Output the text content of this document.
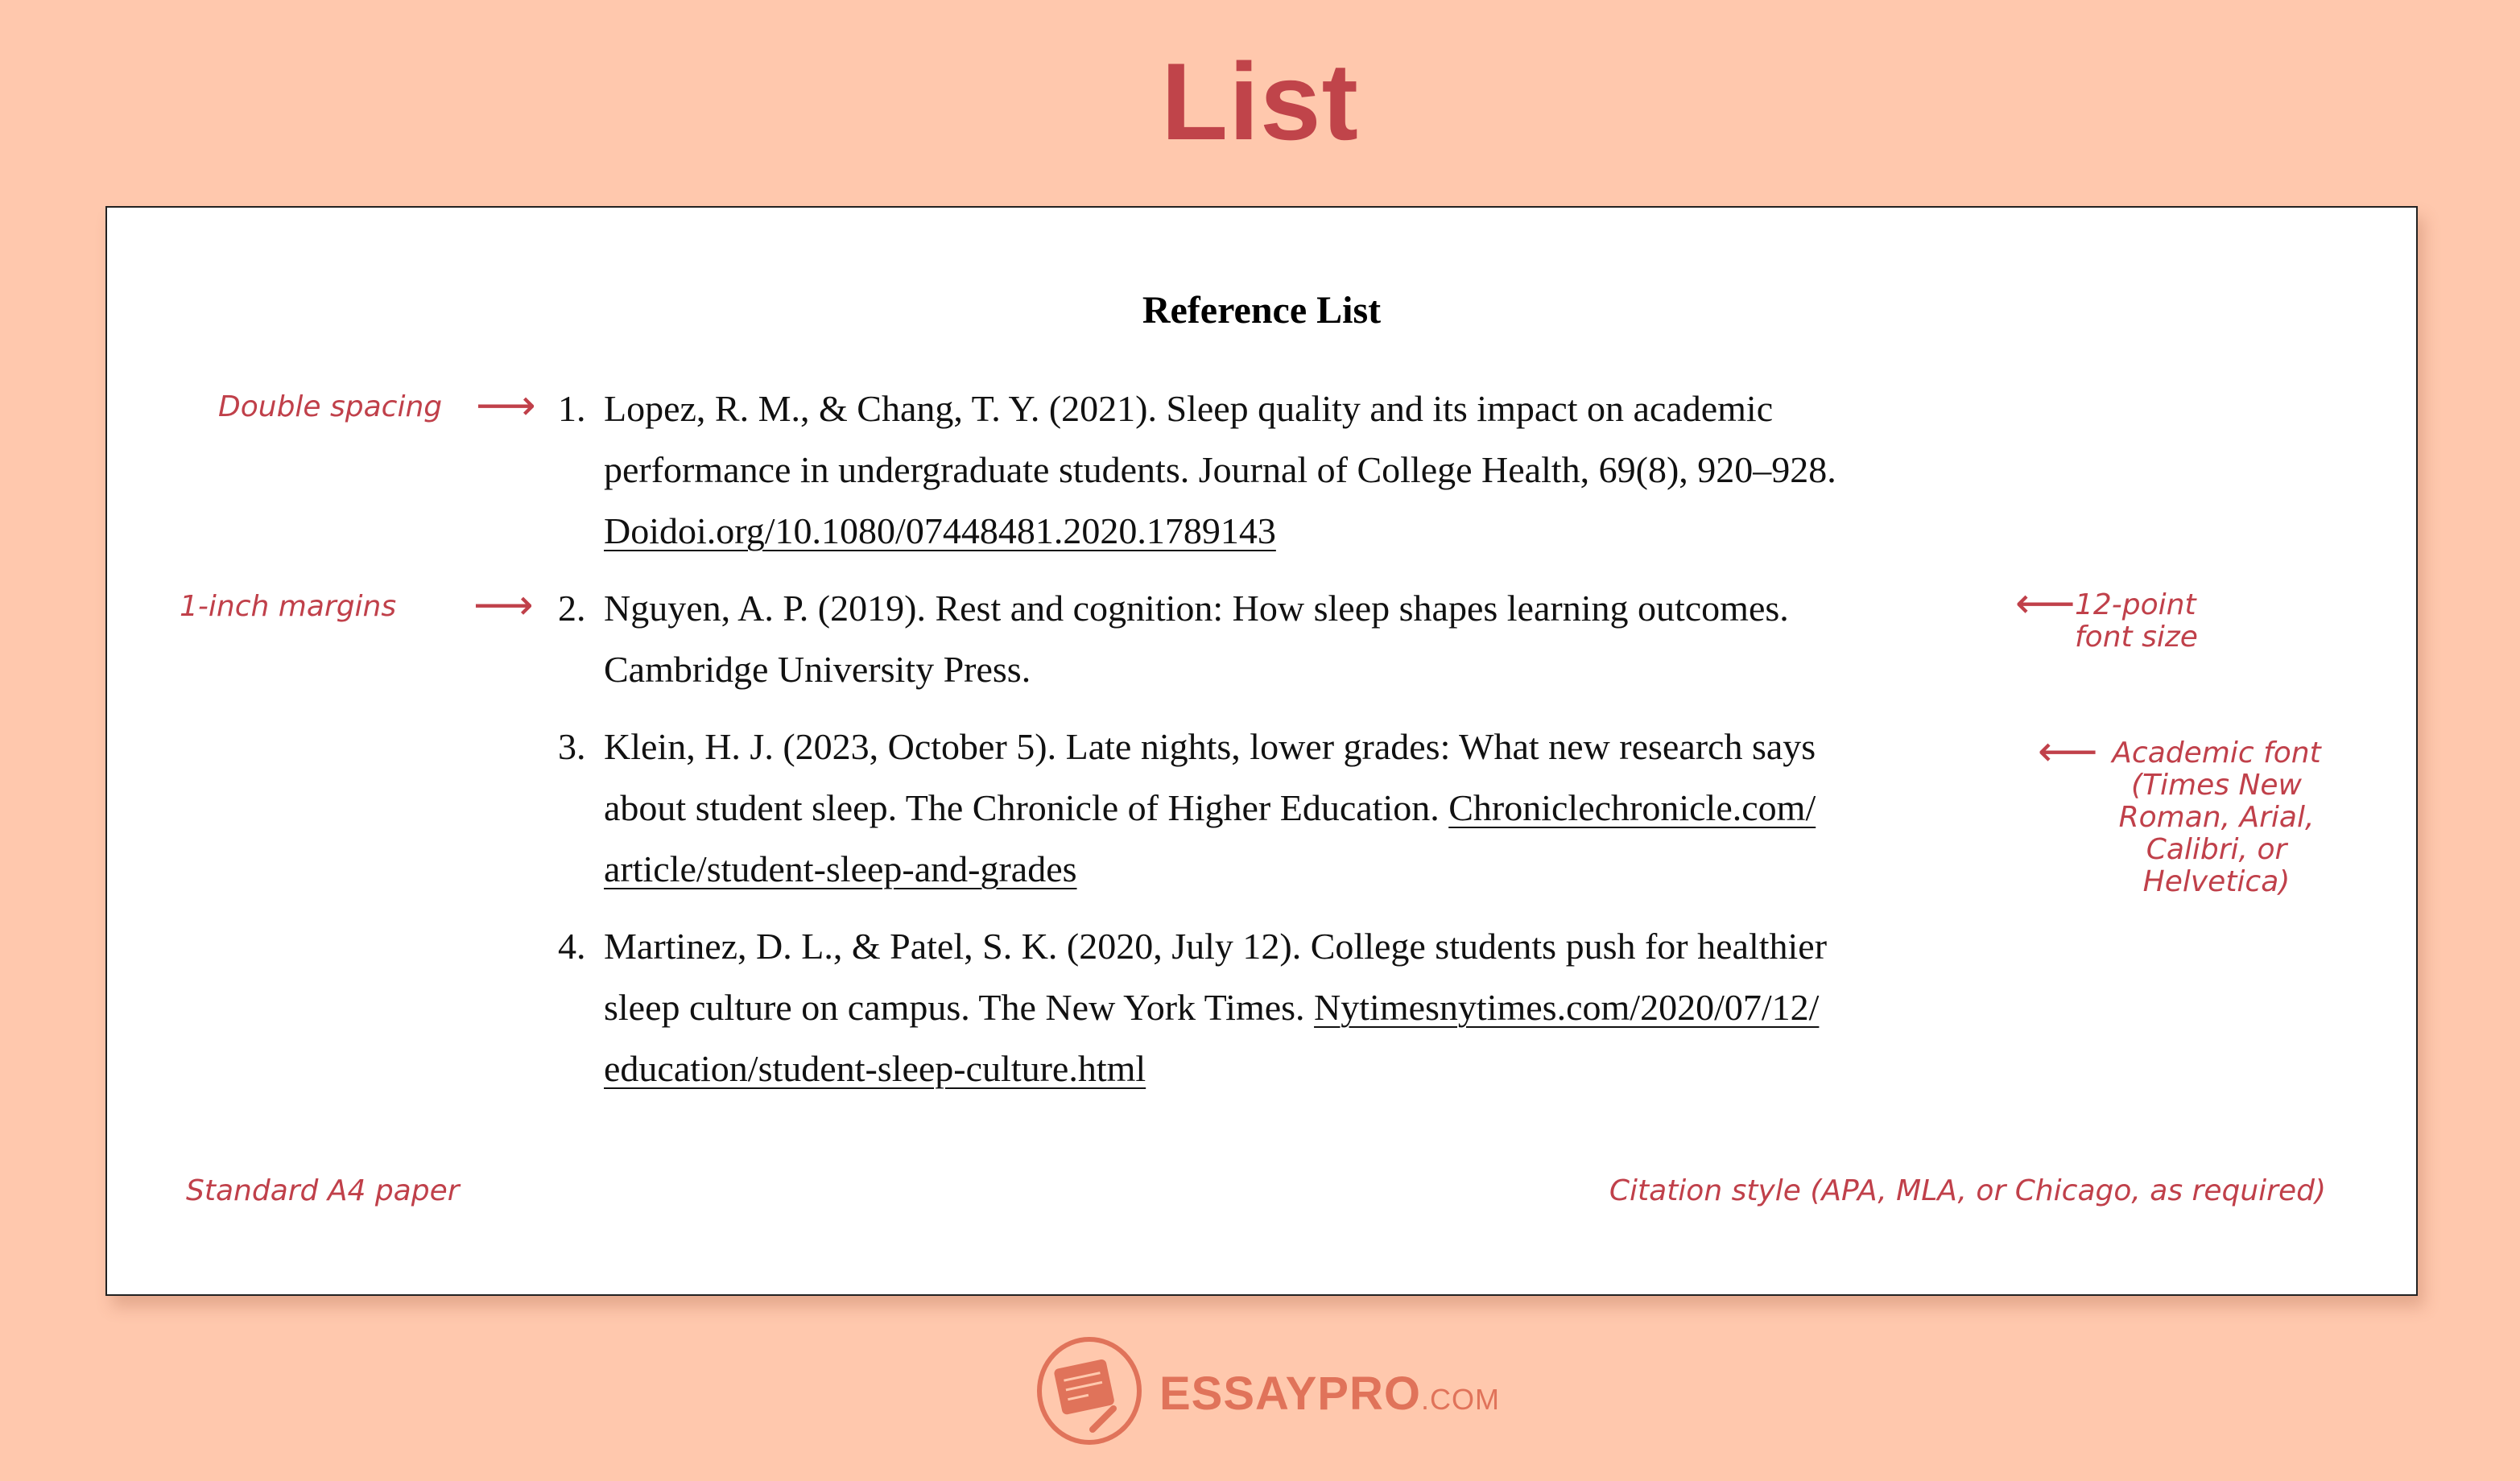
List
Reference List
1. Lopez, R. M., & Chang, T. Y. (2021). Sleep quality and its impact on academic
performance in undergraduate students. Journal of College Health, 69(8), 920–928.
Doidoi.org/10.1080/07448481.2020.1789143
2. Nguyen, A. P. (2019). Rest and cognition: How sleep shapes learning outcomes.
Cambridge University Press.
3. Klein, H. J. (2023, October 5). Late nights, lower grades: What new research says
about student sleep. The Chronicle of Higher Education. Chroniclechronicle.com/
article/student-sleep-and-grades
4. Martinez, D. L., & Patel, S. K. (2020, July 12). College students push for healthier
sleep culture on campus. The New York Times. Nytimesnytimes.com/2020/07/12/
education/student-sleep-culture.html
Double spacing ⟶
1-inch margins ⟶	⟵ 12-point
font size
⟵ Academic font
(Times New
Roman, Arial,
Calibri, or
Helvetica)
Standard A4 paper	Citation style (APA, MLA, or Chicago, as required)
ESSAYPRO.COM
